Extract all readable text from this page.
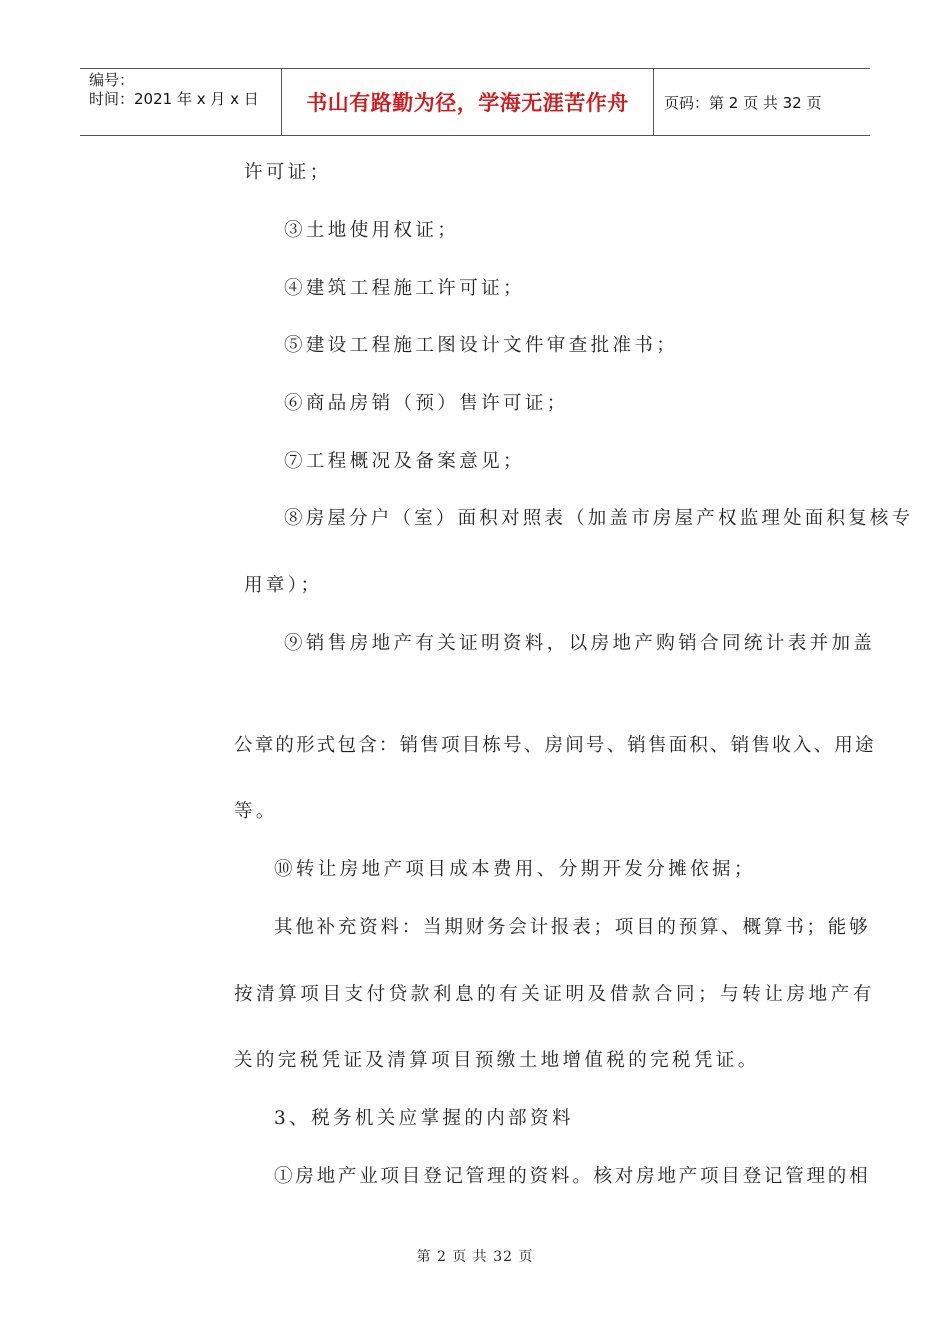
编号：
时间：2021 年 x 月 x 日	书山有路勤为径，学海无涯苦作舟	页码：第 2 页 共 32 页
许可证；
③土地使用权证；
④建筑工程施工许可证；
⑤建设工程施工图设计文件审查批准书；
⑥商品房销（预）售许可证；
⑦工程概况及备案意见；
⑧房屋分户（室）面积对照表（加盖市房屋产权监理处面积复核专
用章）；
⑨销售房地产有关证明资料，以房地产购销合同统计表并加盖
公章的形式包含：销售项目栋号、房间号、销售面积、销售收入、用途
等。
⑩转让房地产项目成本费用、分期开发分摊依据；
其他补充资料：当期财务会计报表；项目的预算、概算书；能够
按清算项目支付贷款利息的有关证明及借款合同；与转让房地产有
关的完税凭证及清算项目预缴土地增值税的完税凭证。
3、税务机关应掌握的内部资料
①房地产业项目登记管理的资料。核对房地产项目登记管理的相
第 2 页 共 32 页
